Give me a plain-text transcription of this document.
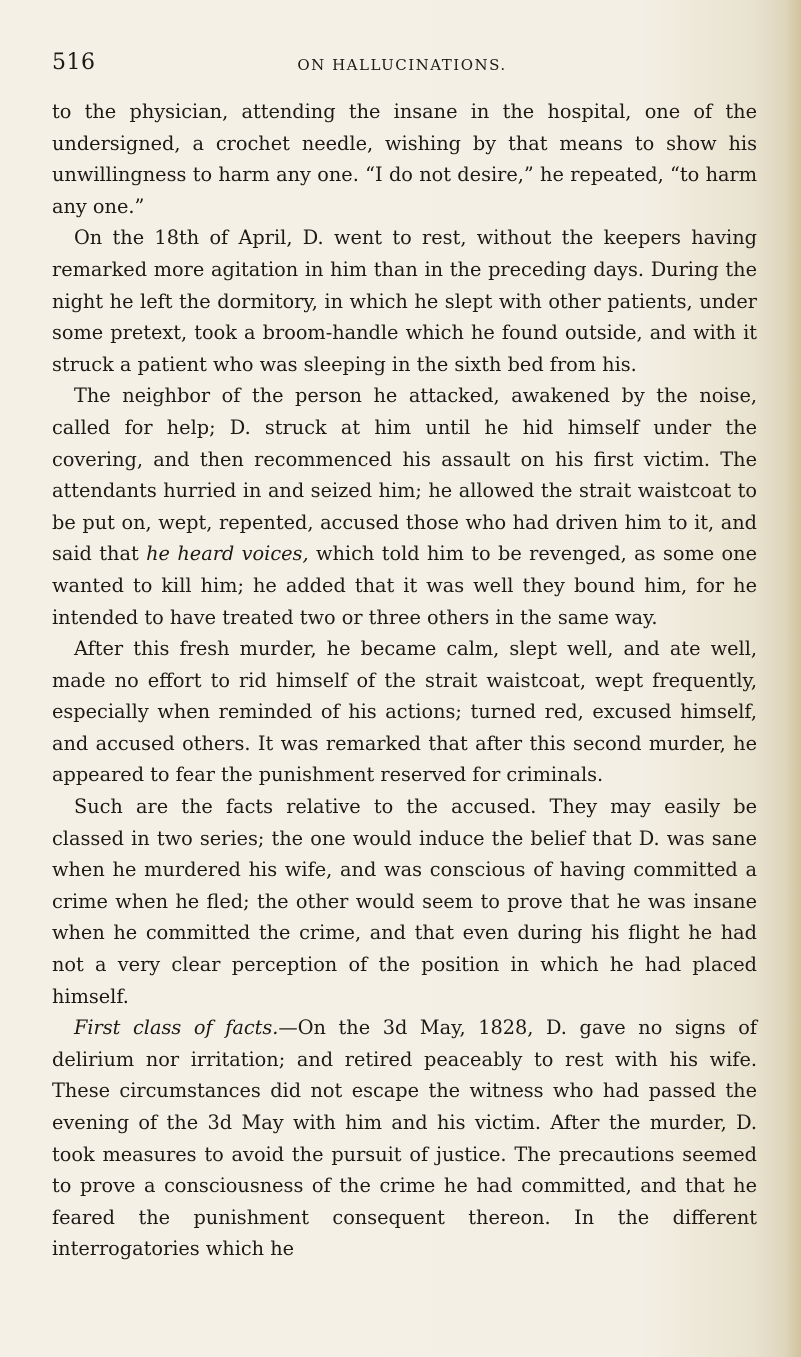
516	ON HALLUCINATIONS.

to the physician, attending the insane in the hospital, one of the undersigned, a crochet needle, wishing by that means to show his unwillingness to harm any one. “I do not desire,” he repeated, “to harm any one.”

On the 18th of April, D. went to rest, without the keepers having remarked more agitation in him than in the preceding days. During the night he left the dormitory, in which he slept with other patients, under some pretext, took a broom-handle which he found outside, and with it struck a patient who was sleeping in the sixth bed from his.

The neighbor of the person he attacked, awakened by the noise, called for help; D. struck at him until he hid himself under the covering, and then recommenced his assault on his first victim. The attendants hurried in and seized him; he allowed the strait waistcoat to be put on, wept, repented, accused those who had driven him to it, and said that he heard voices, which told him to be revenged, as some one wanted to kill him; he added that it was well they bound him, for he intended to have treated two or three others in the same way.

After this fresh murder, he became calm, slept well, and ate well, made no effort to rid himself of the strait waistcoat, wept frequently, especially when reminded of his actions; turned red, excused himself, and accused others. It was remarked that after this second murder, he appeared to fear the punishment reserved for criminals.

Such are the facts relative to the accused. They may easily be classed in two series; the one would induce the belief that D. was sane when he murdered his wife, and was conscious of having committed a crime when he fled; the other would seem to prove that he was insane when he committed the crime, and that even during his flight he had not a very clear perception of the position in which he had placed himself.

First class of facts.—On the 3d May, 1828, D. gave no signs of delirium nor irritation; and retired peaceably to rest with his wife. These circumstances did not escape the witness who had passed the evening of the 3d May with him and his victim. After the murder, D. took measures to avoid the pursuit of justice. The precautions seemed to prove a consciousness of the crime he had committed, and that he feared the punishment consequent thereon. In the different interrogatories which he
